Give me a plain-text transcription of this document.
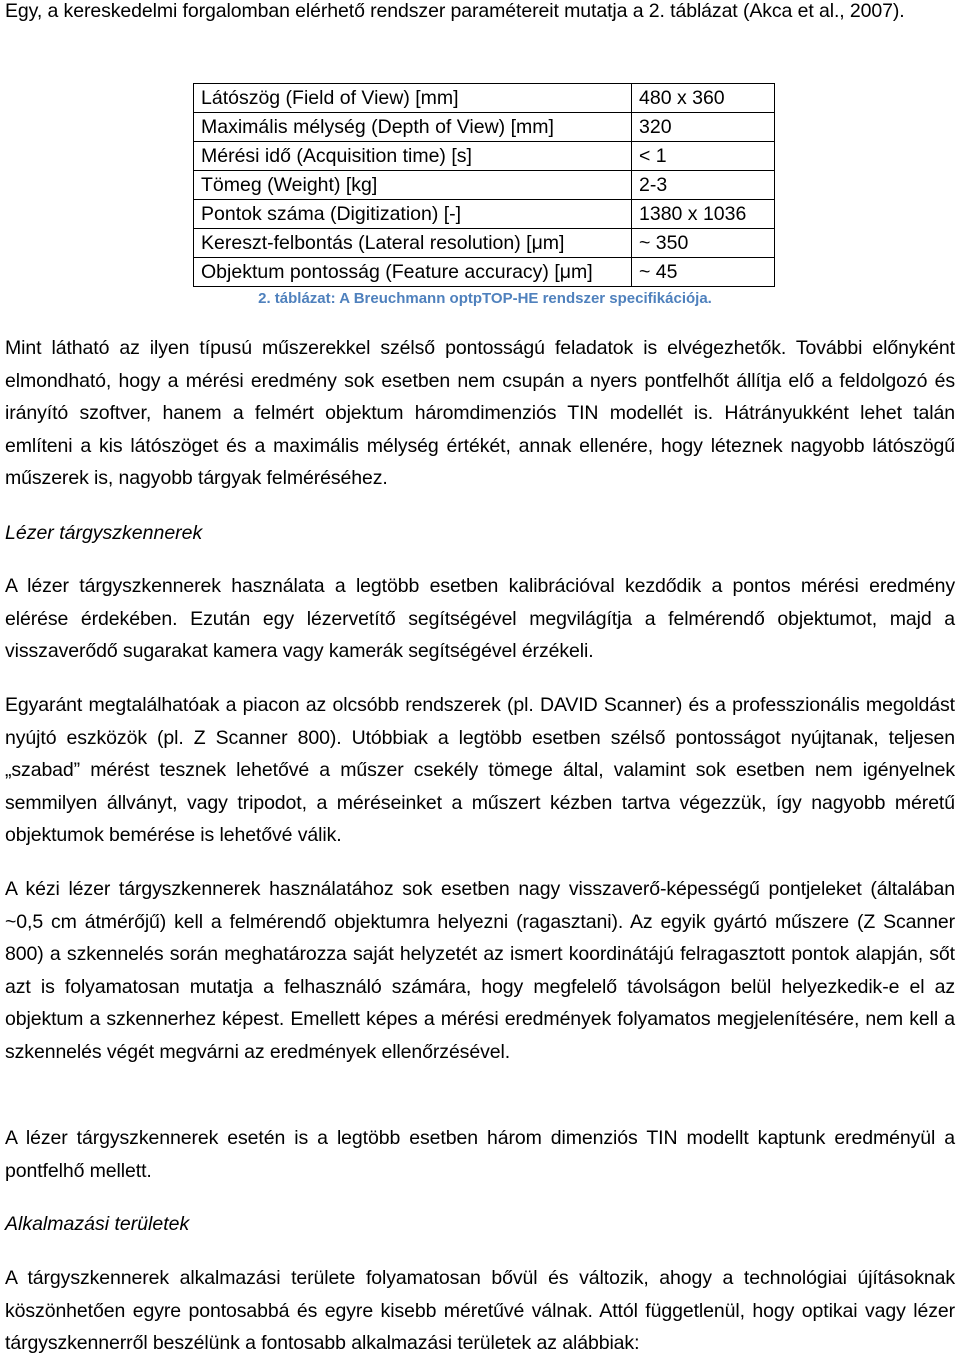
Egy, a kereskedelmi forgalomban elérhető rendszer paramétereit mutatja a 2. táblázat (Akca et al., 2007).

Mint látható az ilyen típusú műszerekkel szélső pontosságú feladatok is elvégezhetők. További előnyként elmondható, hogy a mérési eredmény sok esetben nem csupán a nyers pontfelhőt állítja elő a feldolgozó és irányító szoftver, hanem a felmért objektum háromdimenziós TIN modellét is. Hátrányukként lehet talán említeni a kis látószöget és a maximális mélység értékét, annak ellenére, hogy léteznek nagyobb látószögű műszerek is, nagyobb tárgyak felméréséhez.
Lézer tárgyszkennerek
A lézer tárgyszkennerek használata a legtöbb esetben kalibrációval kezdődik a pontos mérési eredmény elérése érdekében. Ezután egy lézervetítő segítségével megvilágítja a felmérendő objektumot, majd a visszaverődő sugarakat kamera vagy kamerák segítségével érzékeli.
Egyaránt megtalálhatóak a piacon az olcsóbb rendszerek (pl. DAVID Scanner) és a professzionális megoldást nyújtó eszközök (pl. Z Scanner 800). Utóbbiak a legtöbb esetben szélső pontosságot nyújtanak, teljesen „szabad” mérést tesznek lehetővé a műszer csekély tömege által, valamint sok esetben nem igényelnek semmilyen állványt, vagy tripodot, a méréseinket a műszert kézben tartva végezzük, így nagyobb méretű objektumok bemérése is lehetővé válik.
A kézi lézer tárgyszkennerek használatához sok esetben nagy visszaverő-képességű pontjeleket (általában ~0,5 cm átmérőjű) kell a felmérendő objektumra helyezni (ragasztani). Az egyik gyártó műszere (Z Scanner 800) a szkennelés során meghatározza saját helyzetét az ismert koordinátájú felragasztott pontok alapján, sőt azt is folyamatosan mutatja a felhasználó számára, hogy megfelelő távolságon belül helyezkedik-e el az objektum a szkennerhez képest. Emellett képes a mérési eredmények folyamatos megjelenítésére, nem kell a szkennelés végét megvárni az eredmények ellenőrzésével.
A lézer tárgyszkennerek esetén is a legtöbb esetben három dimenziós TIN modellt kaptunk eredményül a pontfelhő mellett.
Alkalmazási területek
A tárgyszkennerek alkalmazási területe folyamatosan bővül és változik, ahogy a technológiai újításoknak köszönhetően egyre pontosabbá és egyre kisebb méretűvé válnak. Attól függetlenül, hogy optikai vagy lézer tárgyszkennerről beszélünk a fontosabb alkalmazási területek az alábbiak:
Látószög (Field of View) [mm]	480 x 360
Maximális mélység (Depth of View) [mm]	320
Mérési idő (Acquisition time) [s]	< 1
Tömeg (Weight) [kg]	2-3
Pontok száma (Digitization) [-]	1380 x 1036
Kereszt-felbontás (Lateral resolution) [μm]	~ 350
Objektum pontosság (Feature accuracy) [μm]	~ 45
2. táblázat: A Breuchmann optpTOP-HE rendszer specifikációja.
